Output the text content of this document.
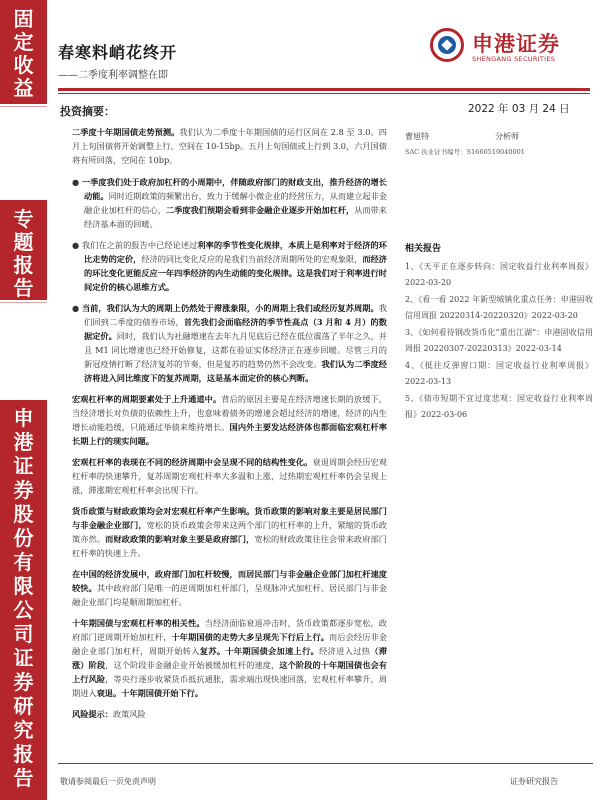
固
定
收
益
专
题
报
告
申
港
证
券
股
份
有
限
公
司
证
券
研
究
报
告
春寒料峭花终开
——二季度利率调整在即
申港证券
SHENGANG SECURITIES
投资摘要：	2022 年 03 月 24 日

二季度十年期国债走势预测。我们认为二季度十年期国债的运行区间在 2.8 至 3.0。四月上旬国债将开始调整上行，空间在 10-15bp。五月上旬国债或上行到 3.0，六月国债将有所回落，空间在 10bp。

● 一季度我们处于政府加杠杆的小周期中，伴随政府部门的财政支出，推升经济的增长动能。同时近期政策的频繁出台，致力于缓解小微企业的经营压力，从而建立起非金融企业加杠杆的信心，二季度我们预期会看到非金融企业逐步开始加杠杆，从而带来经济基本面的回暖。

● 我们在之前的报告中已经论述过利率的季节性变化规律，本质上是利率对于经济的环比走势的定价，经济的同比变化反应的是我们当前经济周期所处的宏观象限，而经济的环比变化更能反应一年四季经济的内生动能的变化规律。这是我们对于利率进行时间定价的核心思维方式。

● 当前，我们认为大的周期上仍然处于滞涨象限，小的周期上我们或经历复苏周期。我们回到二季度的债券市场，首先我们会面临经济的季节性高点（3 月和 4 月）的数据定价。同时，我们认为社融增速在去年九月见底后已经在低位震荡了半年之久，并且 M1 同比增速也已经开始修复，这都在验证实体经济正在逐步回暖。尽管三月的新冠疫情打断了经济复苏的节奏，但是复苏的趋势仍然不会改变。我们认为二季度经济将进入同比维度下的复苏周期，这是基本面定价的核心判断。

宏观杠杆率的周期要素处于上升通道中。背后的原因主要是在经济增速长期的放缓下，当经济增长对负债的依赖性上升，也意味着债务的增速会超过经济的增速，经济的内生增长动能趋缓，只能通过举债来维持增长。国内外主要发达经济体也都面临宏观杠杆率长期上行的现实问题。

宏观杠杆率的表现在不同的经济周期中会呈现不同的结构性变化。衰退周期会经历宏观杠杆率的快速攀升，复苏周期宏观杠杆率大多温和上涨，过热期宏观杠杆率仍会呈现上涨，滞涨期宏观杠杆率会出现下行。

货币政策与财政政策均会对宏观杠杆率产生影响。货币政策的影响对象主要是居民部门与非金融企业部门，宽松的货币政策会带来这两个部门的杠杆率的上升，紧缩的货币政策亦然。而财政政策的影响对象主要是政府部门，宽松的财政政策往往会带来政府部门杠杆率的快速上升。

在中国的经济发展中，政府部门加杠杆较慢，而居民部门与非金融企业部门加杠杆速度较快。其中政府部门是唯一的逆周期加杠杆部门，呈现脉冲式加杠杆。居民部门与非金融企业部门均是顺周期加杠杆。

十年期国债与宏观杠杆率的相关性。当经济面临衰退冲击时，货币政策都逐步宽松，政府部门逆周期开始加杠杆，十年期国债的走势大多呈现先下行后上行。而后会经历非金融企业部门加杠杆，周期开始转入复苏。十年期国债会加速上行。经济进入过热（滞涨）阶段，这个阶段非金融企业开始被缓加杠杆的速度，这个阶段的十年期国债也会有上行风险，等央行逐步收紧货币抵抗通胀，需求端出现快速回落，宏观杠杆率攀升，周期进入衰退。十年期国债开始下行。

风险提示：政策风险

曹旭特	分析师
SAC 执业证书编号：S1660519040001
相关报告

1、《天平正在逐步转向：国定收益行业利率周报》2022-03-20

2、《看一看 2022 年新型城镇化重点任务：申港固收信用周报 20220314-20220320》2022-03-20

3、《如何看待钢改货币化“重出江湖”：申港固收信用周报 20220307-20220313》2022-03-14

4、《抵往反弹窗口期：国定收益行业利率周报》2022-03-13

5、《债市短期不宜过度悲观：国定收益行业利率周报》2022-03-06

敬请参阅最后一页免责声明	证券研究报告
